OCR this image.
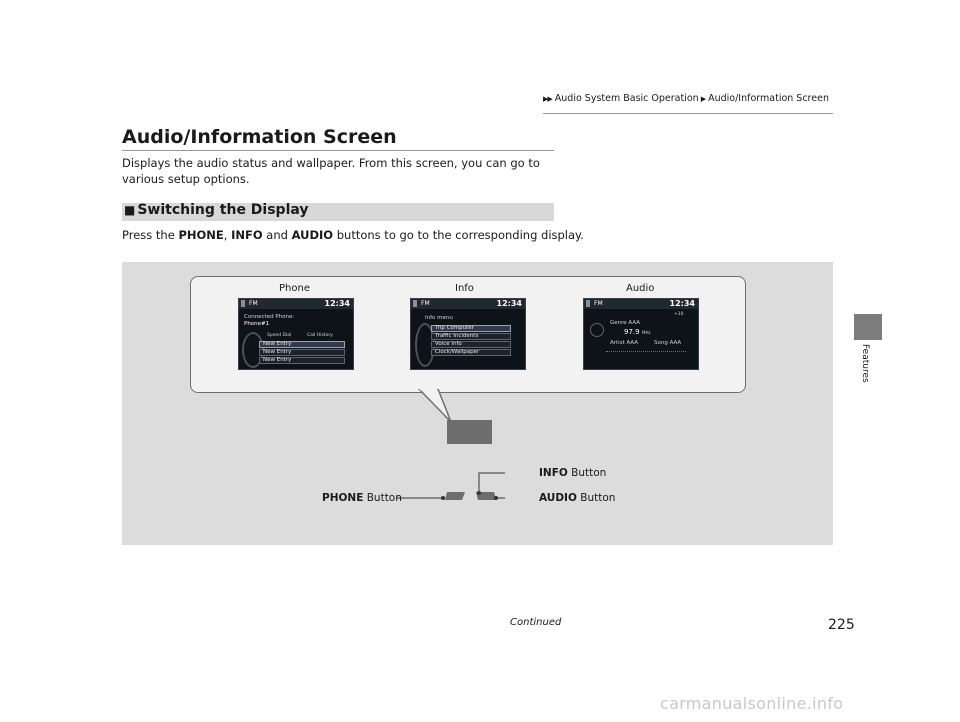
▶▶ Audio System Basic Operation ▶ Audio/Information Screen
Features
Audio/Information Screen

Displays the audio status and wallpaper. From this screen, you can go to various setup options.

■ Switching the Display

Press the PHONE, INFO and AUDIO buttons to go to the corresponding display.

Phone	Info	Audio
FM	12:34
Connected Phone:
Phone#1
Speed Dial	Call History
New Entry
New Entry
New Entry
FM	12:34
Info menu
Trip Computer
Traffic Incidents
Voice Info
Clock/Wallpaper
FM	12:34
+10
Genre AAA
97.9 MHz
Artist AAA	Song AAA
PHONE Button
INFO Button
AUDIO Button
Continued	225
carmanualsonline.info
